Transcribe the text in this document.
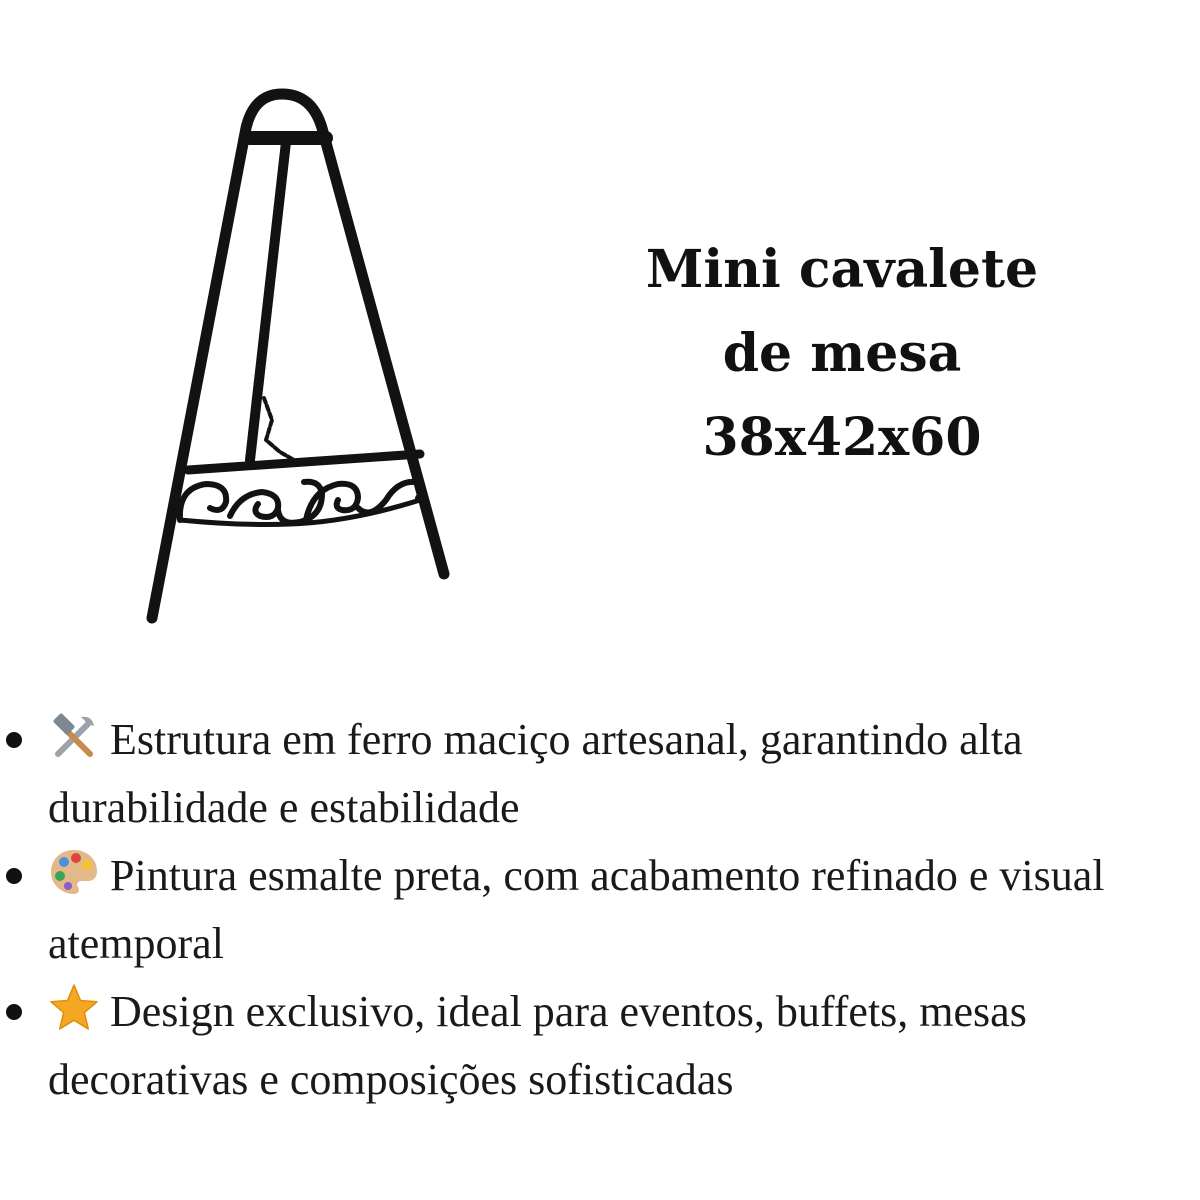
Mini cavalete
de mesa
38x42x60
Estrutura em ferro maciço artesanal, garantindo alta durabilidade e estabilidade
Pintura esmalte preta, com acabamento refinado e visual atemporal
Design exclusivo, ideal para eventos, buffets, mesas decorativas e composições sofisticadas
